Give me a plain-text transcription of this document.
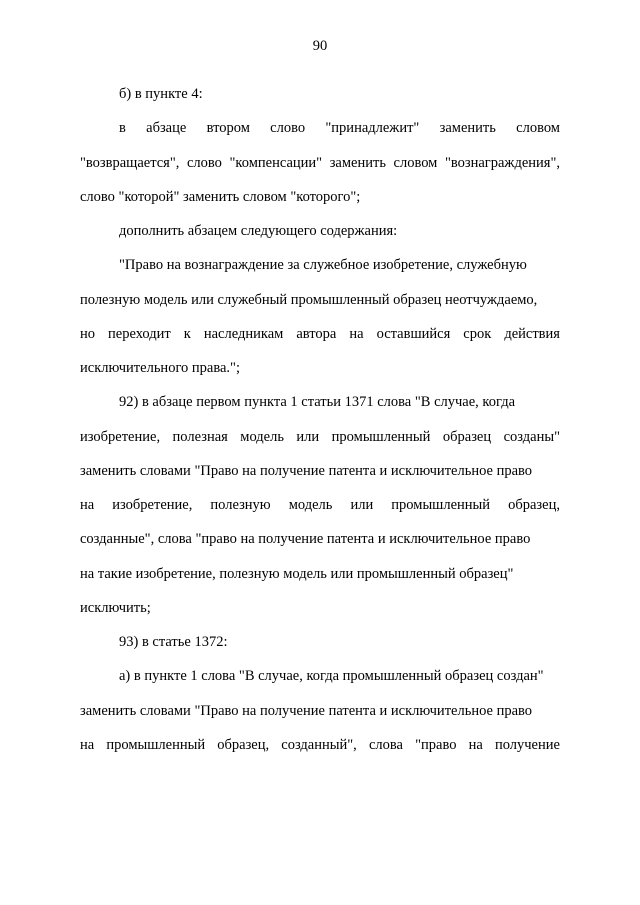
90
б) в пункте 4:
в абзаце втором слово "принадлежит" заменить словом
"возвращается", слово "компенсации" заменить словом "вознаграждения",
слово "которой" заменить словом "которого";
дополнить абзацем следующего содержания:
"Право на вознаграждение за служебное изобретение, служебную
полезную модель или служебный промышленный образец неотчуждаемо,
но переходит к наследникам автора на оставшийся срок действия
исключительного права.";
92) в абзаце первом пункта 1 статьи 1371 слова "В случае, когда
изобретение, полезная модель или промышленный образец созданы"
заменить словами "Право на получение патента и исключительное право
на изобретение, полезную модель или промышленный образец,
созданные", слова "право на получение патента и исключительное право
на такие изобретение, полезную модель или промышленный образец"
исключить;
93) в статье 1372:
а) в пункте 1 слова "В случае, когда промышленный образец создан"
заменить словами "Право на получение патента и исключительное право
на промышленный образец, созданный", слова "право на получение
